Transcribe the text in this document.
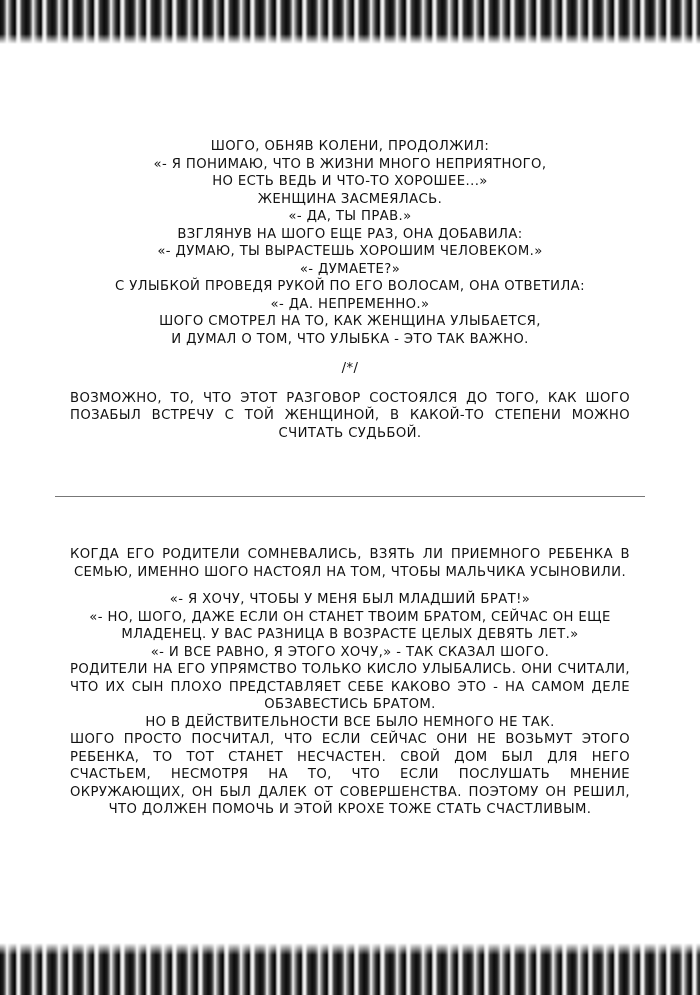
ШОГО, ОБНЯВ КОЛЕНИ, ПРОДОЛЖИЛ:

«- Я ПОНИМАЮ, ЧТО В ЖИЗНИ МНОГО НЕПРИЯТНОГО,

НО ЕСТЬ ВЕДЬ И ЧТО-ТО ХОРОШЕЕ...»

ЖЕНЩИНА ЗАСМЕЯЛАСЬ.

«- ДА, ТЫ ПРАВ.»

ВЗГЛЯНУВ НА ШОГО ЕЩЕ РАЗ, ОНА ДОБАВИЛА:

«- ДУМАЮ, ТЫ ВЫРАСТЕШЬ ХОРОШИМ ЧЕЛОВЕКОМ.»

«- ДУМАЕТЕ?»

С УЛЫБКОЙ ПРОВЕДЯ РУКОЙ ПО ЕГО ВОЛОСАМ, ОНА ОТВЕТИЛА:

«- ДА. НЕПРЕМЕННО.»

ШОГО СМОТРЕЛ НА ТО, КАК ЖЕНЩИНА УЛЫБАЕТСЯ,

И ДУМАЛ О ТОМ, ЧТО УЛЫБКА - ЭТО ТАК ВАЖНО.

/*/

ВОЗМОЖНО, ТО, ЧТО ЭТОТ РАЗГОВОР СОСТОЯЛСЯ ДО ТОГО, КАК ШОГО ПОЗАБЫЛ ВСТРЕЧУ С ТОЙ ЖЕНЩИНОЙ, В КАКОЙ-ТО СТЕПЕНИ МОЖНО СЧИТАТЬ СУДЬБОЙ.

КОГДА ЕГО РОДИТЕЛИ СОМНЕВАЛИСЬ, ВЗЯТЬ ЛИ ПРИЕМНОГО РЕБЕНКА В СЕМЬЮ, ИМЕННО ШОГО НАСТОЯЛ НА ТОМ, ЧТОБЫ МАЛЬЧИКА УСЫНОВИЛИ.

«- Я ХОЧУ, ЧТОБЫ У МЕНЯ БЫЛ МЛАДШИЙ БРАТ!»

«- НО, ШОГО, ДАЖЕ ЕСЛИ ОН СТАНЕТ ТВОИМ БРАТОМ, СЕЙЧАС ОН ЕЩЕ МЛАДЕНЕЦ. У ВАС РАЗНИЦА В ВОЗРАСТЕ ЦЕЛЫХ ДЕВЯТЬ ЛЕТ.»

«- И ВСЕ РАВНО, Я ЭТОГО ХОЧУ,» - ТАК СКАЗАЛ ШОГО.

РОДИТЕЛИ НА ЕГО УПРЯМСТВО ТОЛЬКО КИСЛО УЛЫБАЛИСЬ. ОНИ СЧИТАЛИ, ЧТО ИХ СЫН ПЛОХО ПРЕДСТАВЛЯЕТ СЕБЕ КАКОВО ЭТО - НА САМОМ ДЕЛЕ ОБЗАВЕСТИСЬ БРАТОМ.

НО В ДЕЙСТВИТЕЛЬНОСТИ ВСЕ БЫЛО НЕМНОГО НЕ ТАК.

ШОГО ПРОСТО ПОСЧИТАЛ, ЧТО ЕСЛИ СЕЙЧАС ОНИ НЕ ВОЗЬМУТ ЭТОГО РЕБЕНКА, ТО ТОТ СТАНЕТ НЕСЧАСТЕН. СВОЙ ДОМ БЫЛ ДЛЯ НЕГО СЧАСТЬЕМ, НЕСМОТРЯ НА ТО, ЧТО ЕСЛИ ПОСЛУШАТЬ МНЕНИЕ ОКРУЖАЮЩИХ, ОН БЫЛ ДАЛЕК ОТ СОВЕРШЕНСТВА. ПОЭТОМУ ОН РЕШИЛ, ЧТО ДОЛЖЕН ПОМОЧЬ И ЭТОЙ КРОХЕ ТОЖЕ СТАТЬ СЧАСТЛИВЫМ.
